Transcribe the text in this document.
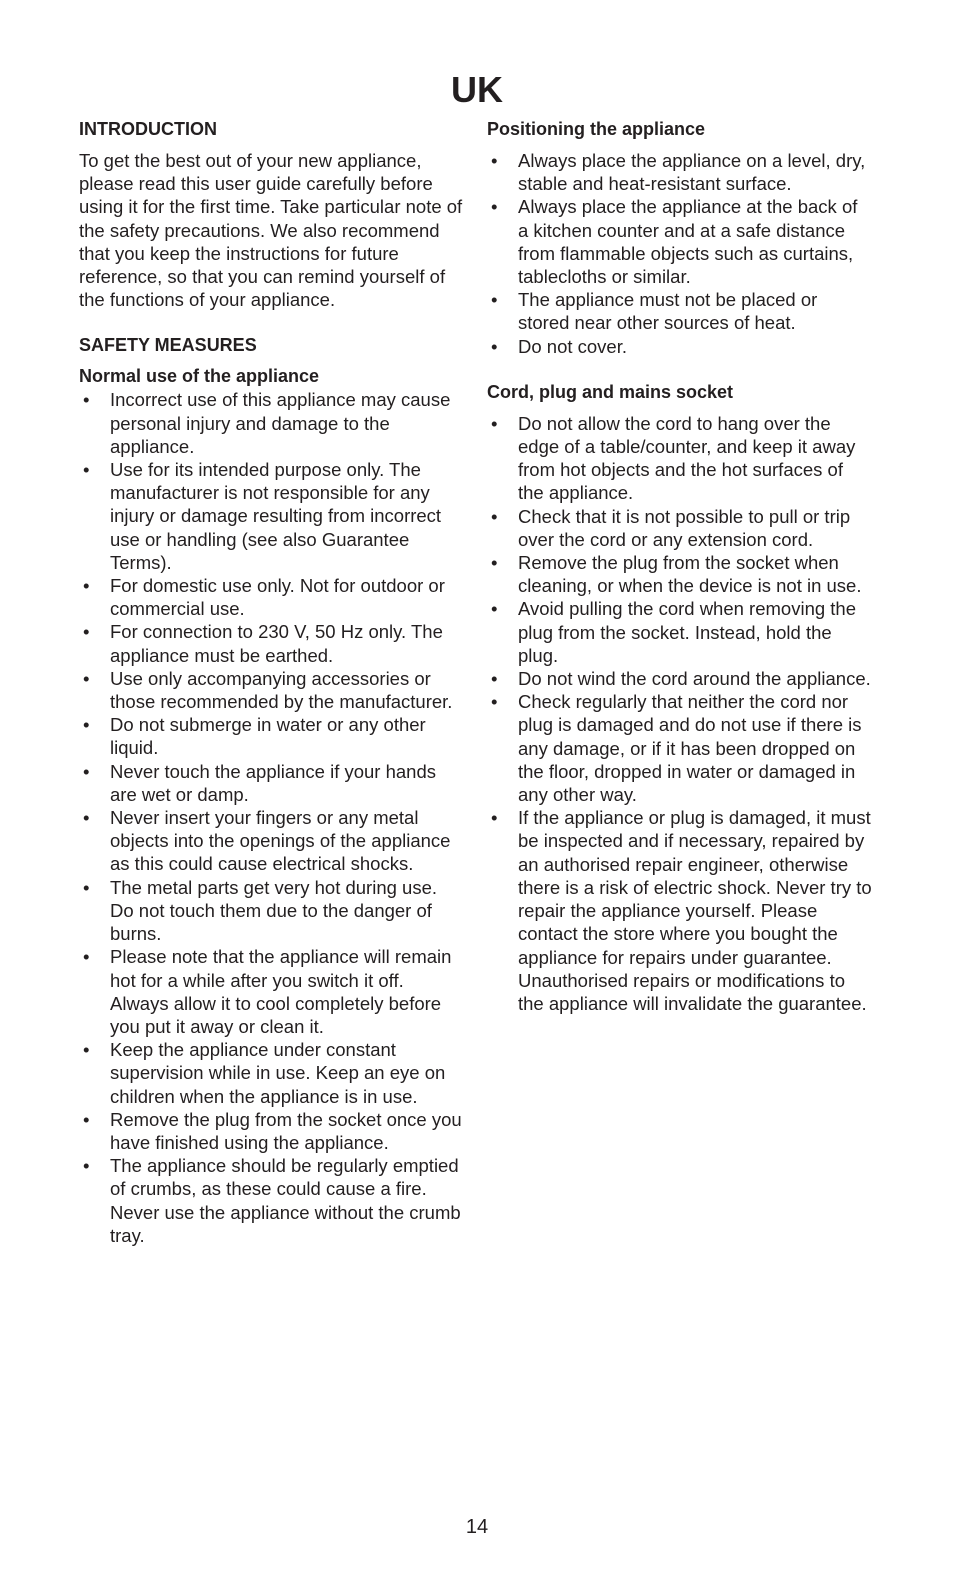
UK
INTRODUCTION

To get the best out of your new appliance, please read this user guide carefully before using it for the first time. Take particular note of the safety precautions. We also recommend that you keep the instructions for future reference, so that you can remind yourself of the functions of your appliance.

SAFETY MEASURES
Normal use of the appliance
• Incorrect use of this appliance may cause personal injury and damage to the appliance.
• Use for its intended purpose only. The manufacturer is not responsible for any injury or damage resulting from incorrect use or handling (see also Guarantee Terms).
• For domestic use only. Not for outdoor or commercial use.
• For connection to 230 V, 50 Hz only. The appliance must be earthed.
• Use only accompanying accessories or those recommended by the manufacturer.
• Do not submerge in water or any other liquid.
• Never touch the appliance if your hands are wet or damp.
• Never insert your fingers or any metal objects into the openings of the appliance as this could cause electrical shocks.
• The metal parts get very hot during use. Do not touch them due to the danger of burns.
• Please note that the appliance will remain hot for a while after you switch it off. Always allow it to cool completely before you put it away or clean it.
• Keep the appliance under constant supervision while in use. Keep an eye on children when the appliance is in use.
• Remove the plug from the socket once you have finished using the appliance.
• The appliance should be regularly emptied of crumbs, as these could cause a fire. Never use the appliance without the crumb tray.
Positioning the appliance
• Always place the appliance on a level, dry, stable and heat-resistant surface.
• Always place the appliance at the back of a kitchen counter and at a safe distance from flammable objects such as curtains, tablecloths or similar.
• The appliance must not be placed or stored near other sources of heat.
• Do not cover.
Cord, plug and mains socket
• Do not allow the cord to hang over the edge of a table/counter, and keep it away from hot objects and the hot surfaces of the appliance.
• Check that it is not possible to pull or trip over the cord or any extension cord.
• Remove the plug from the socket when cleaning, or when the device is not in use.
• Avoid pulling the cord when removing the plug from the socket. Instead, hold the plug.
• Do not wind the cord around the appliance.
• Check regularly that neither the cord nor plug is damaged and do not use if there is any damage, or if it has been dropped on the floor, dropped in water or damaged in any other way.
• If the appliance or plug is damaged, it must be inspected and if necessary, repaired by an authorised repair engineer, otherwise there is a risk of electric shock. Never try to repair the appliance yourself. Please contact the store where you bought the appliance for repairs under guarantee. Unauthorised repairs or modifications to the appliance will invalidate the guarantee.
14
